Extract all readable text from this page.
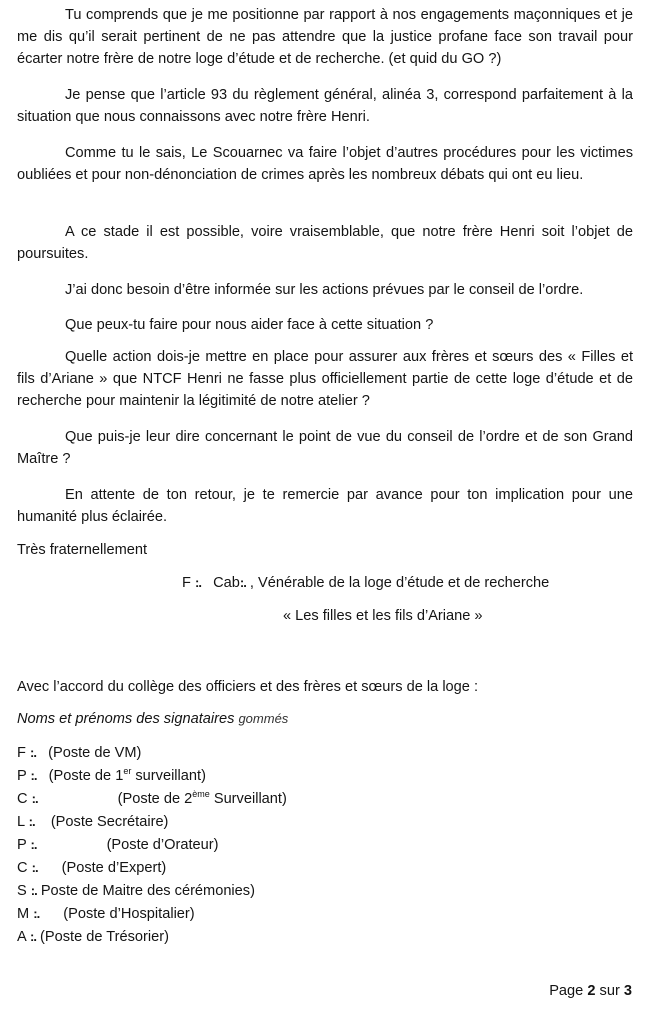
Tu comprends que je me positionne par rapport à nos engagements maçonniques et je me dis qu’il serait pertinent de ne pas attendre que la justice profane face son travail pour écarter notre frère de notre loge d’étude et de recherche. (et quid du GO ?)

Je pense que l’article 93 du règlement général, alinéa 3, correspond parfaitement à la situation que nous connaissons avec notre frère Henri.

Comme tu le sais, Le Scouarnec va faire l’objet d’autres procédures pour les victimes oubliées et pour non-dénonciation de crimes après les nombreux débats qui ont eu lieu.

A ce stade il est possible, voire vraisemblable, que notre frère Henri soit l’objet de poursuites.

J’ai donc besoin d’être informée sur les actions prévues par le conseil de l’ordre.

Que peux-tu faire pour nous aider face à cette situation ?

Quelle action dois-je mettre en place pour assurer aux frères et sœurs des « Filles et fils d’Ariane » que NTCF Henri ne fasse plus officiellement partie de cette loge d’étude et de recherche pour maintenir la légitimité de notre atelier ?

Que puis-je leur dire concernant le point de vue du conseil de l’ordre et de son Grand Maître ?

En attente de ton retour, je te remercie par avance pour ton implication pour une humanité plus éclairée.

Très fraternellement

F :. Cab:. , Vénérable de la loge d’étude et de recherche

« Les filles et les fils d’Ariane »

Avec l’accord du collège des officiers et des frères et sœurs de la loge :

Noms et prénoms des signataires gommés

F :. (Poste de VM)

P :. (Poste de 1er surveillant)

C :.	(Poste de 2ème Surveillant)

L :. (Poste Secrétaire)

P :.	(Poste d’Orateur)

C :. (Poste d’Expert)

S :. Poste de Maitre des cérémonies)

M :. (Poste d’Hospitalier)

A :. (Poste de Trésorier)

Page 2 sur 3
